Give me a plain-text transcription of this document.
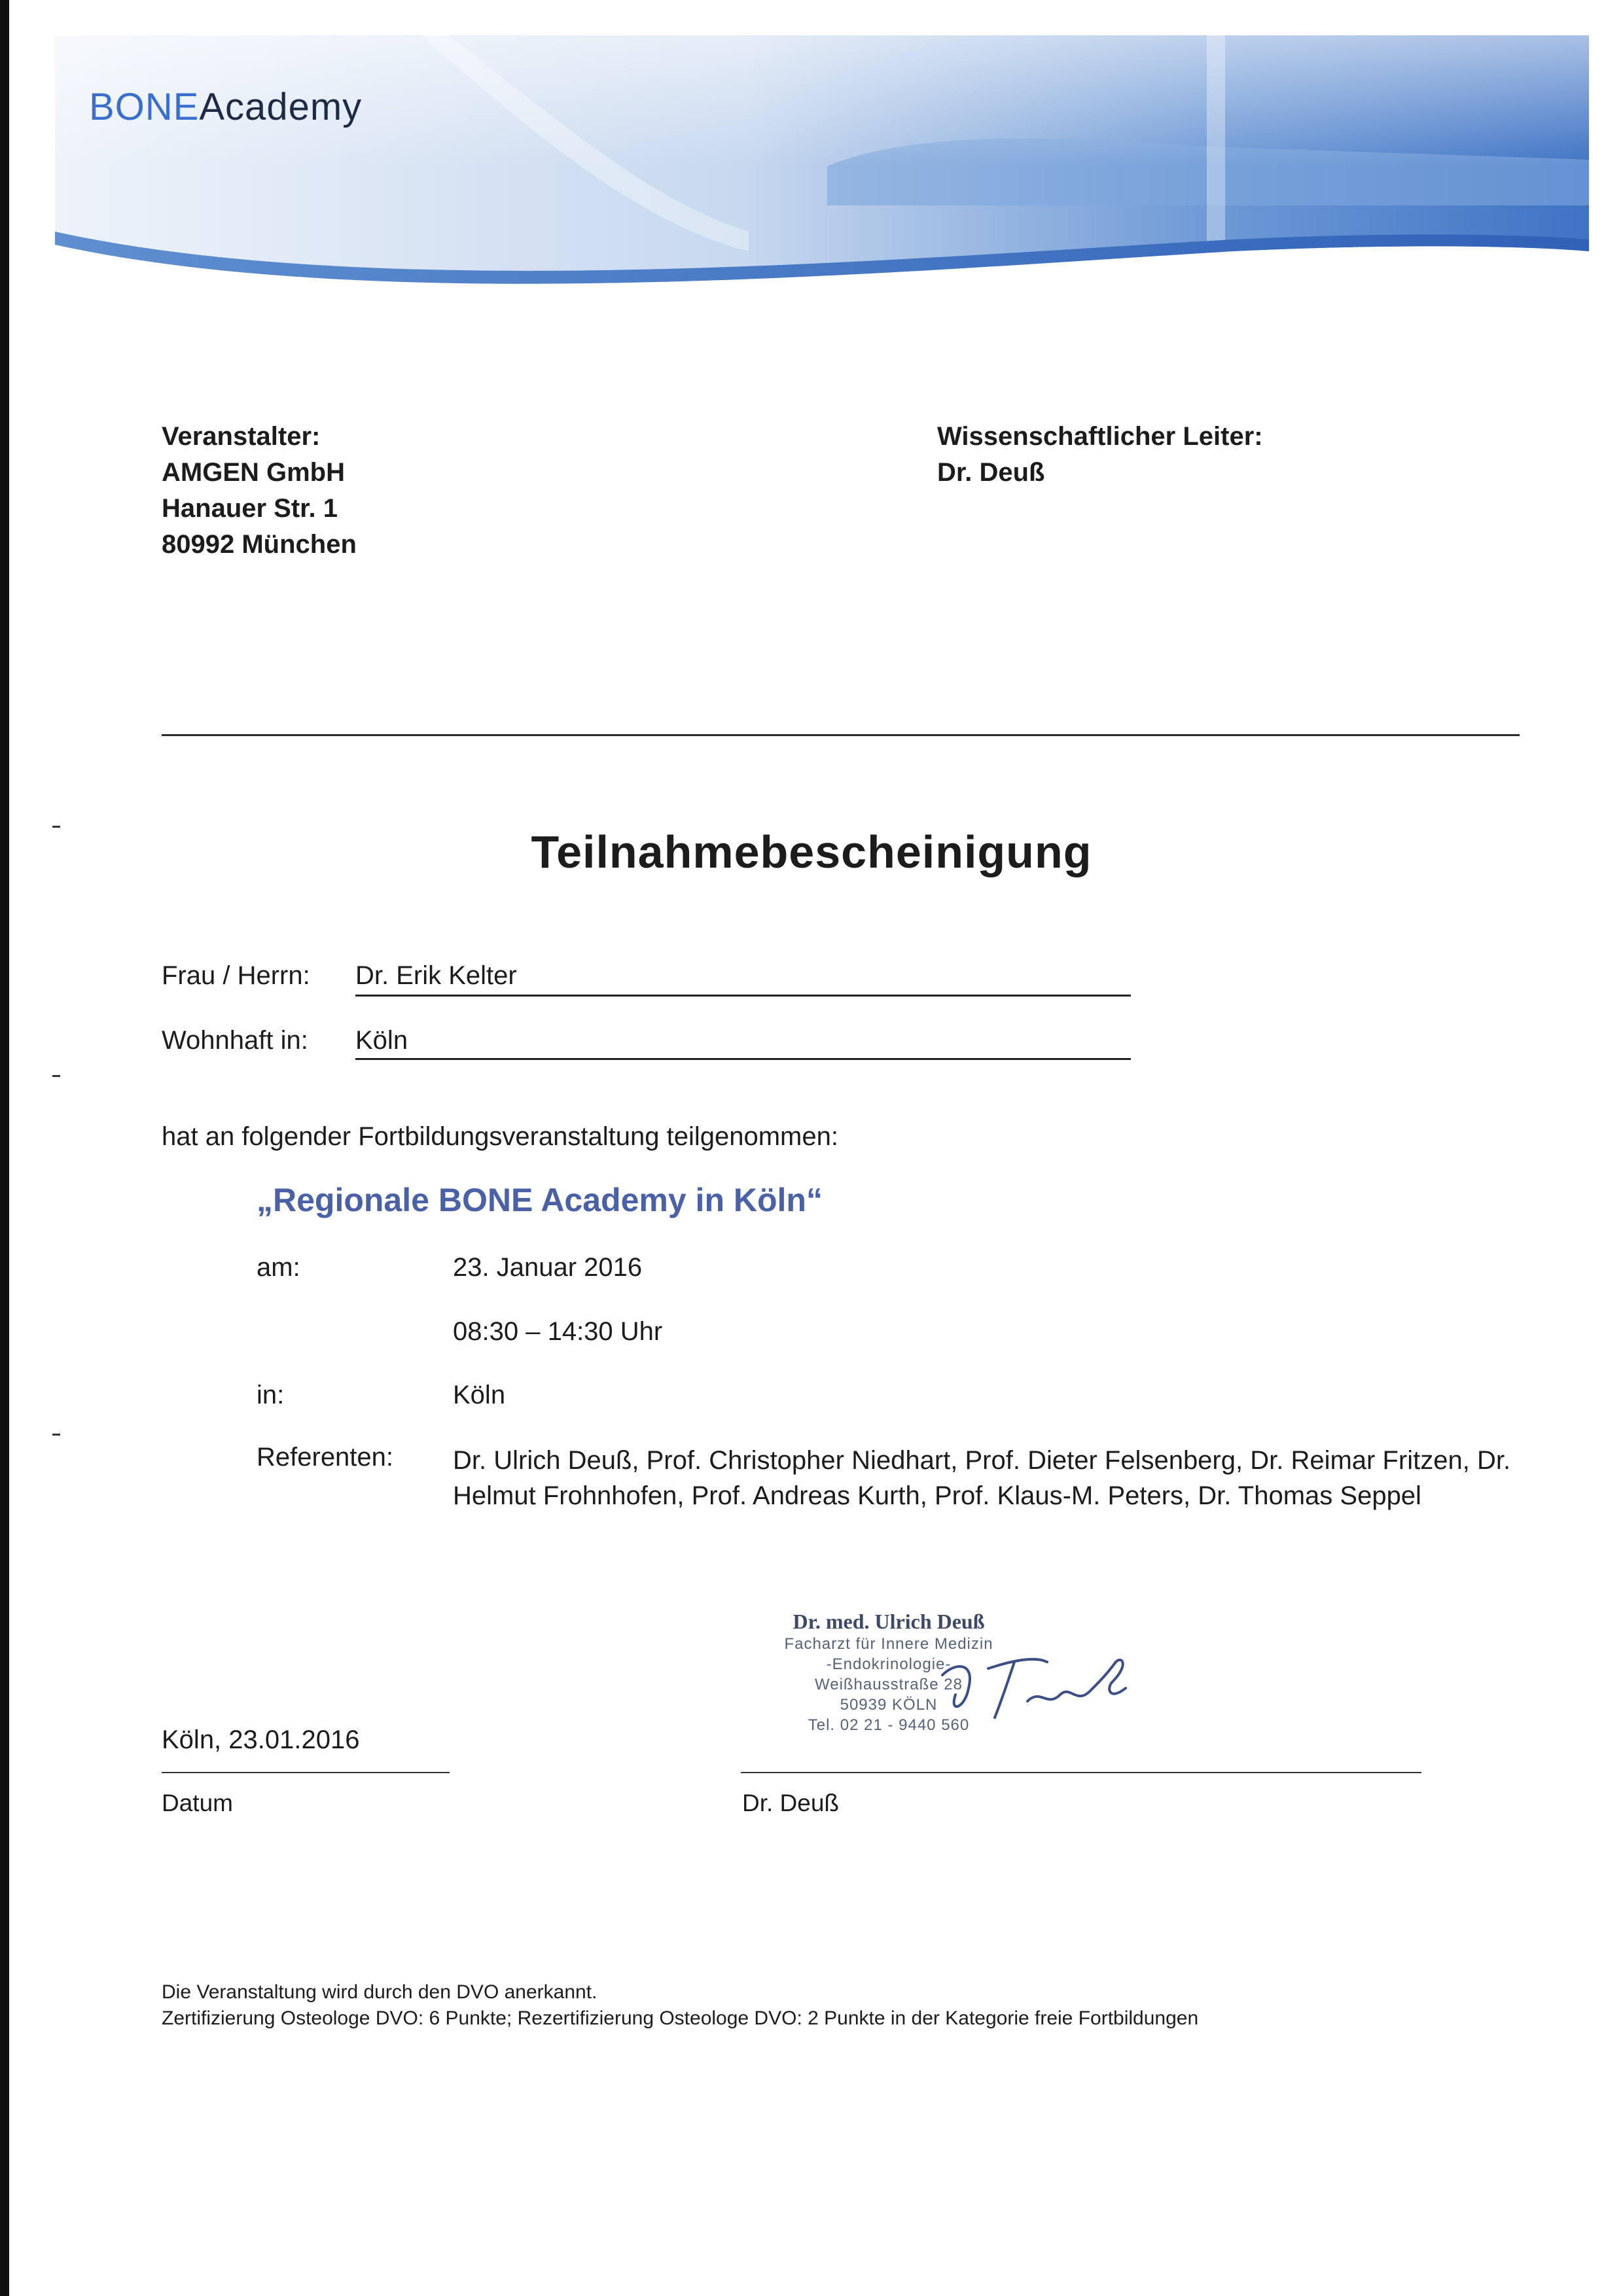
BONEAcademy
Veranstalter:
AMGEN GmbH
Hanauer Str. 1
80992 München
Wissenschaftlicher Leiter:
Dr. Deuß
Teilnahmebescheinigung
Frau / Herrn: Dr. Erik Kelter
Wohnhaft in: Köln
hat an folgender Fortbildungsveranstaltung teilgenommen:
„Regionale BONE Academy in Köln“
am:	23. Januar 2016
08:30 – 14:30 Uhr
in:	Köln
Referenten: Dr. Ulrich Deuß, Prof. Christopher Niedhart, Prof. Dieter Felsenberg, Dr. Reimar Fritzen, Dr. Helmut Frohnhofen, Prof. Andreas Kurth, Prof. Klaus-M. Peters, Dr. Thomas Seppel
Dr. med. Ulrich Deuß
Facharzt für Innere Medizin
-Endokrinologie-
Weißhausstraße 28
50939 KÖLN
Tel. 02 21 - 9440 560
Köln, 23.01.2016
Datum	Dr. Deuß
Die Veranstaltung wird durch den DVO anerkannt.
Zertifizierung Osteologe DVO: 6 Punkte; Rezertifizierung Osteologe DVO: 2 Punkte in der Kategorie freie Fortbildungen
